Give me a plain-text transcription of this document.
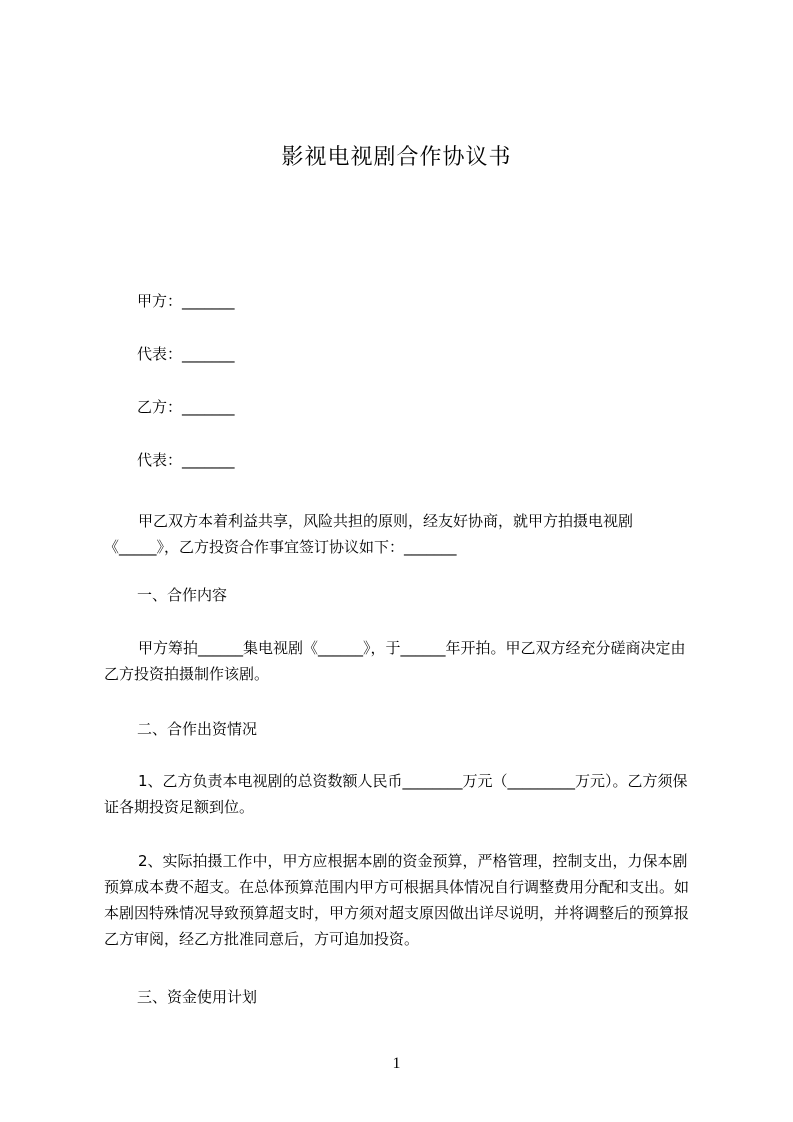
影视电视剧合作协议书
甲方：_______
代表：_______
乙方：_______
代表：_______
甲乙双方本着利益共享，风险共担的原则，经友好协商，就甲方拍摄电视剧《_____》，乙方投资合作事宜签订协议如下：_______
一、合作内容
甲方筹拍______集电视剧《______》，于______年开拍。甲乙双方经充分磋商决定由乙方投资拍摄制作该剧。
二、合作出资情况
1、乙方负责本电视剧的总资数额人民币________万元（_________万元）。乙方须保证各期投资足额到位。
2、实际拍摄工作中，甲方应根据本剧的资金预算，严格管理，控制支出，力保本剧预算成本费不超支。在总体预算范围内甲方可根据具体情况自行调整费用分配和支出。如本剧因特殊情况导致预算超支时，甲方须对超支原因做出详尽说明，并将调整后的预算报乙方审阅，经乙方批准同意后，方可追加投资。
三、资金使用计划
1
